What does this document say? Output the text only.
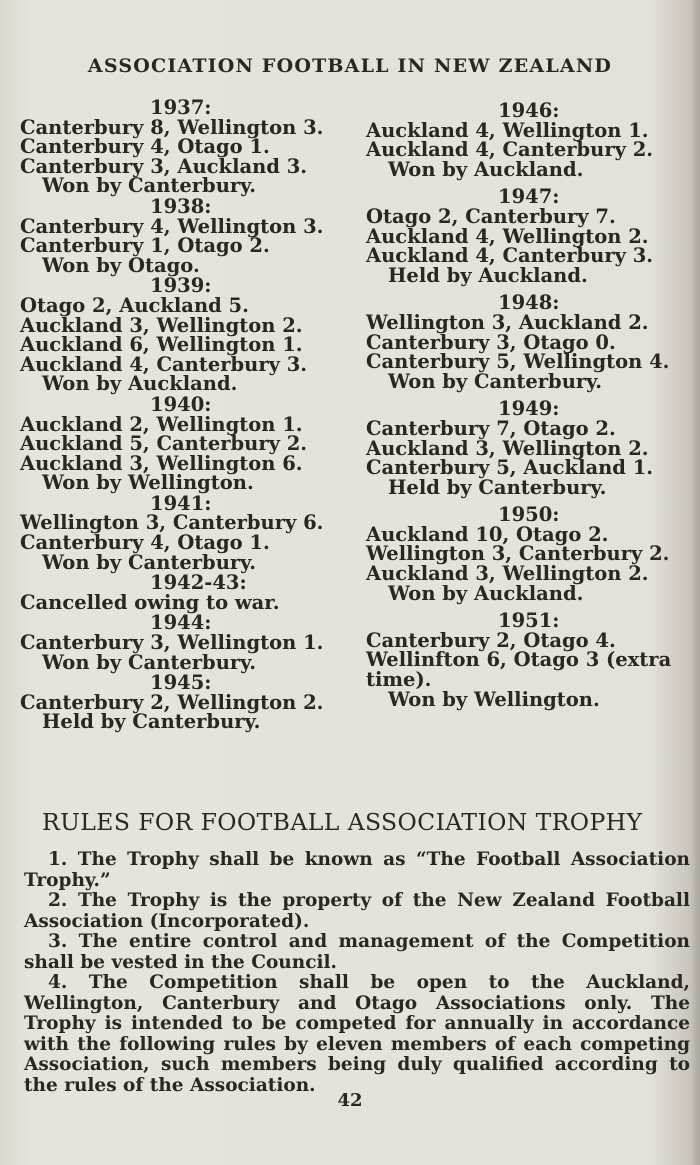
ASSOCIATION FOOTBALL IN NEW ZEALAND
1937:
Canterbury 8, Wellington 3.
Canterbury 4, Otago 1.
Canterbury 3, Auckland 3.
Won by Canterbury.
1938:
Canterbury 4, Wellington 3.
Canterbury 1, Otago 2.
Won by Otago.
1939:
Otago 2, Auckland 5.
Auckland 3, Wellington 2.
Auckland 6, Wellington 1.
Auckland 4, Canterbury 3.
Won by Auckland.
1940:
Auckland 2, Wellington 1.
Auckland 5, Canterbury 2.
Auckland 3, Wellington 6.
Won by Wellington.
1941:
Wellington 3, Canterbury 6.
Canterbury 4, Otago 1.
Won by Canterbury.
1942-43:
Cancelled owing to war.
1944:
Canterbury 3, Wellington 1.
Won by Canterbury.
1945:
Canterbury 2, Wellington 2.
Held by Canterbury.
1946:
Auckland 4, Wellington 1.
Auckland 4, Canterbury 2.
Won by Auckland.
1947:
Otago 2, Canterbury 7.
Auckland 4, Wellington 2.
Auckland 4, Canterbury 3.
Held by Auckland.
1948:
Wellington 3, Auckland 2.
Canterbury 3, Otago 0.
Canterbury 5, Wellington 4.
Won by Canterbury.
1949:
Canterbury 7, Otago 2.
Auckland 3, Wellington 2.
Canterbury 5, Auckland 1.
Held by Canterbury.
1950:
Auckland 10, Otago 2.
Wellington 3, Canterbury 2.
Auckland 3, Wellington 2.
Won by Auckland.
1951:
Canterbury 2, Otago 4.
Wellinfton 6, Otago 3 (extra
time).
Won by Wellington.
RULES FOR FOOTBALL ASSOCIATION TROPHY

1. The Trophy shall be known as “The Football Association Trophy.”

2. The Trophy is the property of the New Zealand Football Association (Incorporated).

3. The entire control and management of the Competition shall be vested in the Council.

4. The Competition shall be open to the Auckland, Wellington, Canterbury and Otago Associations only. The Trophy is intended to be competed for annually in accordance with the following rules by eleven members of each competing Association, such members being duly qualified according to the rules of the Association.

42
